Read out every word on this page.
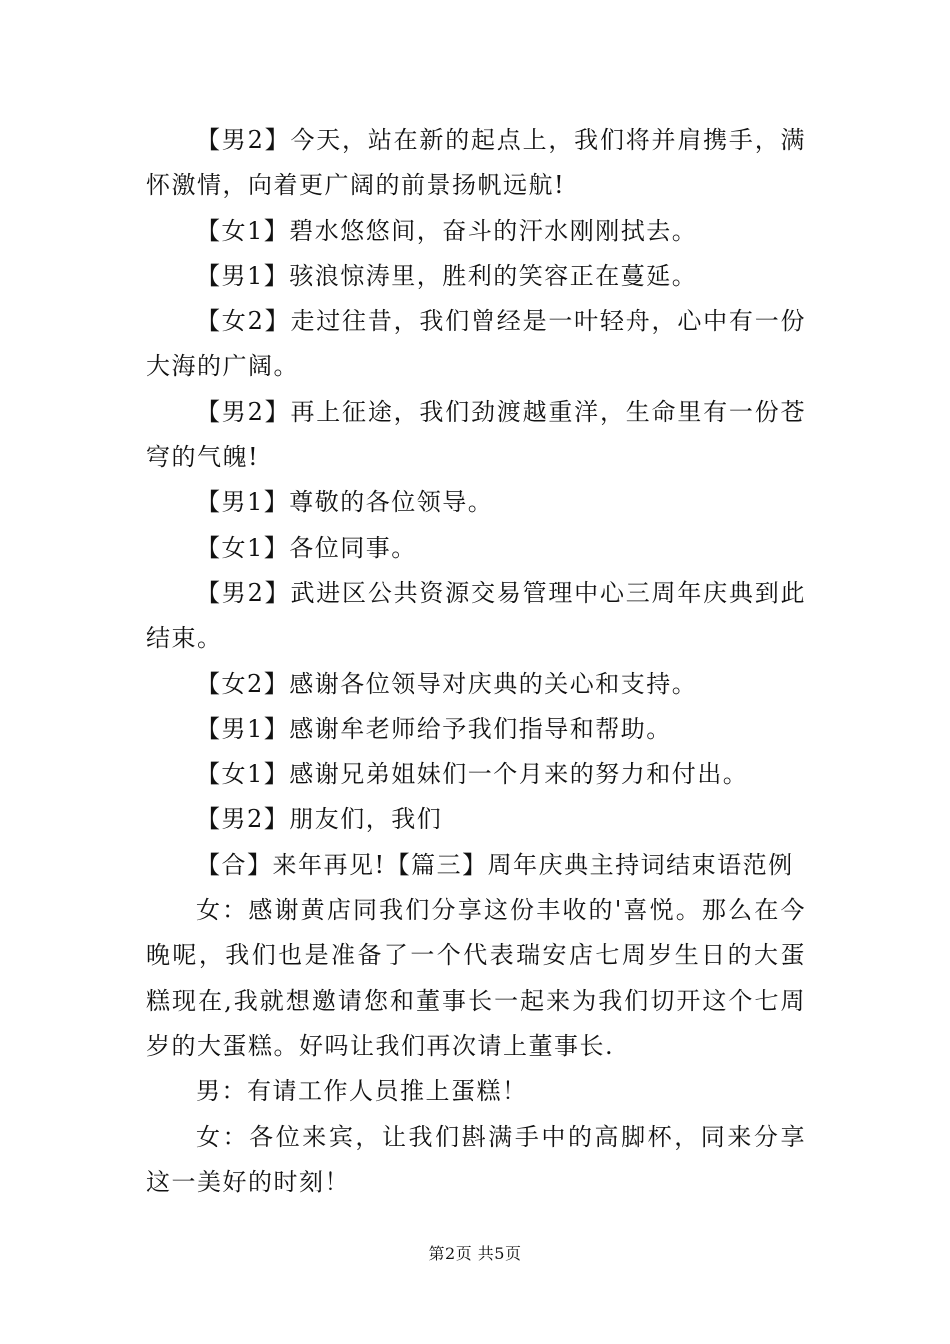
【男2】今天，站在新的起点上，我们将并肩携手，满怀激情，向着更广阔的前景扬帆远航!

【女1】碧水悠悠间，奋斗的汗水刚刚拭去。

【男1】骇浪惊涛里，胜利的笑容正在蔓延。

【女2】走过往昔，我们曾经是一叶轻舟，心中有一份大海的广阔。

【男2】再上征途，我们劲渡越重洋，生命里有一份苍穹的气魄!

【男1】尊敬的各位领导。

【女1】各位同事。

【男2】武进区公共资源交易管理中心三周年庆典到此结束。

【女2】感谢各位领导对庆典的关心和支持。

【男1】感谢牟老师给予我们指导和帮助。

【女1】感谢兄弟姐妹们一个月来的努力和付出。

【男2】朋友们，我们

【合】来年再见!【篇三】周年庆典主持词结束语范例

女：感谢黄店同我们分享这份丰收的'喜悦。那么在今晚呢，我们也是准备了一个代表瑞安店七周岁生日的大蛋糕现在,我就想邀请您和董事长一起来为我们切开这个七周岁的大蛋糕。好吗让我们再次请上董事长.

男：有请工作人员推上蛋糕！

女：各位来宾，让我们斟满手中的高脚杯，同来分享这一美好的时刻！

第2页 共5页
